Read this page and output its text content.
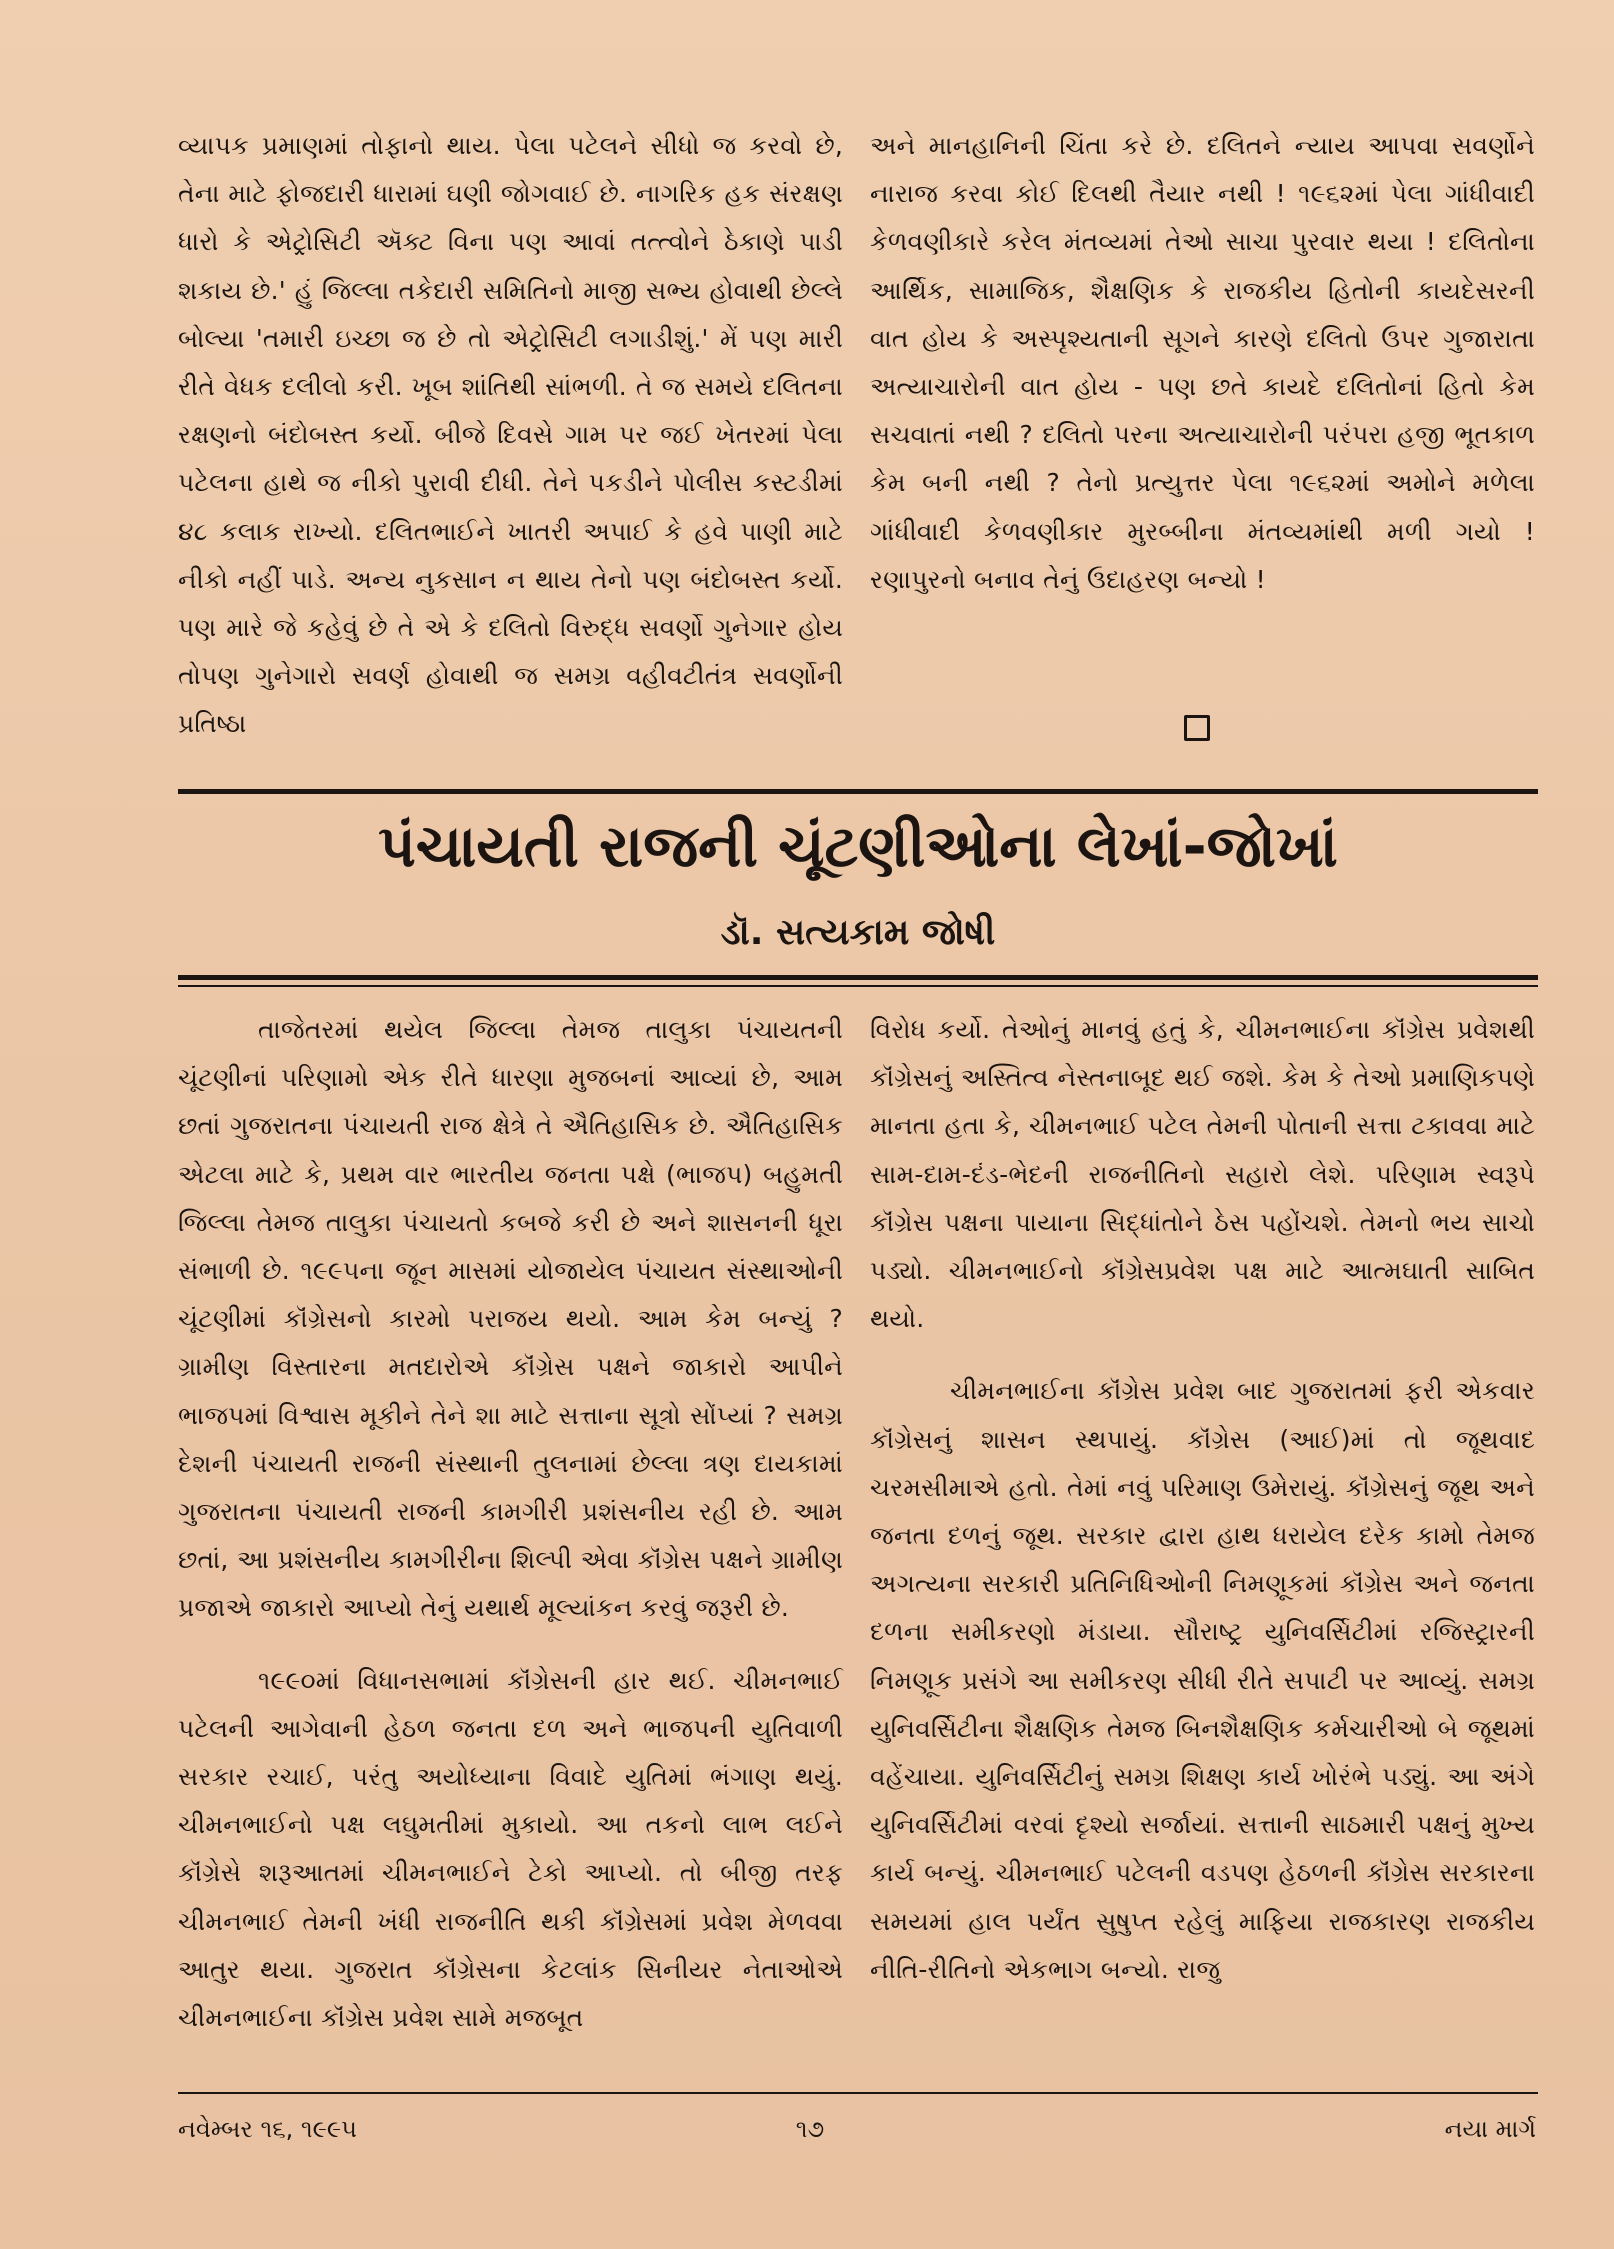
વ્યાપક પ્રમાણમાં તોફાનો થાય. પેલા પટેલને સીધો જ કરવો છે, તેના માટે ફોજદારી ધારામાં ઘણી જોગવાઈ છે. નાગરિક હક સંરક્ષણ ધારો કે એટ્રોસિટી ઍક્ટ વિના પણ આવાં તત્ત્વોને ઠેકાણે પાડી શકાય છે.' હું જિલ્લા તકેદારી સમિતિનો માજી સભ્ય હોવાથી છેલ્લે બોલ્યા 'તમારી ઇચ્છા જ છે તો એટ્રોસિટી લગાડીશું.' મેં પણ મારી રીતે વેધક દલીલો કરી. ખૂબ શાંતિથી સાંભળી. તે જ સમયે દલિતના રક્ષણનો બંદોબસ્ત કર્યો. બીજે દિવસે ગામ પર જઈ ખેતરમાં પેલા પટેલના હાથે જ નીકો પુરાવી દીધી. તેને પકડીને પોલીસ કસ્ટડીમાં ૪૮ કલાક રાખ્યો. દલિતભાઈને ખાતરી અપાઈ કે હવે પાણી માટે નીકો નહીં પાડે. અન્ય નુકસાન ન થાય તેનો પણ બંદોબસ્ત કર્યો. પણ મારે જે કહેવું છે તે એ કે દલિતો વિરુદ્ધ સવર્ણો ગુનેગાર હોય તોપણ ગુનેગારો સવર્ણ હોવાથી જ સમગ્ર વહીવટીતંત્ર સવર્ણોની પ્રતિષ્ઠા

અને માનહાનિની ચિંતા કરે છે. દલિતને ન્યાય આપવા સવર્ણોને નારાજ કરવા કોઈ દિલથી તૈયાર નથી ! ૧૯૬૨માં પેલા ગાંધીવાદી કેળવણીકારે કરેલ મંતવ્યમાં તેઓ સાચા પુરવાર થયા ! દલિતોના આર્થિક, સામાજિક, શૈક્ષણિક કે રાજકીય હિતોની કાયદેસરની વાત હોય કે અસ્પૃશ્યતાની સૂગને કારણે દલિતો ઉપર ગુજારાતા અત્યાચારોની વાત હોય - પણ છતે કાયદે દલિતોનાં હિતો કેમ સચવાતાં નથી ? દલિતો પરના અત્યાચારોની પરંપરા હજી ભૂતકાળ કેમ બની નથી ? તેનો પ્રત્યુત્તર પેલા ૧૯૬૨માં અમોને મળેલા ગાંધીવાદી કેળવણીકાર મુરબ્બીના મંતવ્યમાંથી મળી ગયો ! રણાપુરનો બનાવ તેનું ઉદાહરણ બન્યો !

પંચાયતી રાજની ચૂંટણીઓના લેખાં-જોખાં
ડૉ. સત્યકામ જોષી

તાજેતરમાં થયેલ જિલ્લા તેમજ તાલુકા પંચાયતની ચૂંટણીનાં પરિણામો એક રીતે ધારણા મુજબનાં આવ્યાં છે, આમ છતાં ગુજરાતના પંચાયતી રાજ ક્ષેત્રે તે ઐતિહાસિક છે. ઐતિહાસિક એટલા માટે કે, પ્રથમ વાર ભારતીય જનતા પક્ષે (ભાજપ) બહુમતી જિલ્લા તેમજ તાલુકા પંચાયતો કબજે કરી છે અને શાસનની ધૂરા સંભાળી છે. ૧૯૯૫ના જૂન માસમાં યોજાયેલ પંચાયત સંસ્થાઓની ચૂંટણીમાં કૉંગ્રેસનો કારમો પરાજય થયો. આમ કેમ બન્યું ? ગ્રામીણ વિસ્તારના મતદારોએ કૉંગ્રેસ પક્ષને જાકારો આપીને ભાજપમાં વિશ્વાસ મૂકીને તેને શા માટે સત્તાના સૂત્રો સોંપ્યાં ? સમગ્ર દેશની પંચાયતી રાજની સંસ્થાની તુલનામાં છેલ્લા ત્રણ દાયકામાં ગુજરાતના પંચાયતી રાજની કામગીરી પ્રશંસનીય રહી છે. આમ છતાં, આ પ્રશંસનીય કામગીરીના શિલ્પી એવા કૉંગ્રેસ પક્ષને ગ્રામીણ પ્રજાએ જાકારો આપ્યો તેનું યથાર્થ મૂલ્યાંકન કરવું જરૂરી છે.

૧૯૯૦માં વિધાનસભામાં કૉંગ્રેસની હાર થઈ. ચીમનભાઈ પટેલની આગેવાની હેઠળ જનતા દળ અને ભાજપની યુતિવાળી સરકાર રચાઈ, પરંતુ અયોધ્યાના વિવાદે યુતિમાં ભંગાણ થયું. ચીમનભાઈનો પક્ષ લઘુમતીમાં મુકાયો. આ તકનો લાભ લઈને કૉંગ્રેસે શરૂઆતમાં ચીમનભાઈને ટેકો આપ્યો. તો બીજી તરફ ચીમનભાઈ તેમની ખંધી રાજનીતિ થકી કૉંગ્રેસમાં પ્રવેશ મેળવવા આતુર થયા. ગુજરાત કૉંગ્રેસના કેટલાંક સિનીયર નેતાઓએ ચીમનભાઈના કૉંગ્રેસ પ્રવેશ સામે મજબૂત

વિરોધ કર્યો. તેઓનું માનવું હતું કે, ચીમનભાઈના કૉંગ્રેસ પ્રવેશથી કૉંગ્રેસનું અસ્તિત્વ નેસ્તનાબૂદ થઈ જશે. કેમ કે તેઓ પ્રમાણિકપણે માનતા હતા કે, ચીમનભાઈ પટેલ તેમની પોતાની સત્તા ટકાવવા માટે સામ-દામ-દંડ-ભેદની રાજનીતિનો સહારો લેશે. પરિણામ સ્વરૂપે કૉંગ્રેસ પક્ષના પાયાના સિદ્ધાંતોને ઠેસ પહોંચશે. તેમનો ભય સાચો પડ્યો. ચીમનભાઈનો કૉંગ્રેસપ્રવેશ પક્ષ માટે આત્મઘાતી સાબિત થયો.

ચીમનભાઈના કૉંગ્રેસ પ્રવેશ બાદ ગુજરાતમાં ફરી એકવાર કૉંગ્રેસનું શાસન સ્થપાયું. કૉંગ્રેસ (આઈ)માં તો જૂથવાદ ચરમસીમાએ હતો. તેમાં નવું પરિમાણ ઉમેરાયું. કૉંગ્રેસનું જૂથ અને જનતા દળનું જૂથ. સરકાર દ્વારા હાથ ધરાયેલ દરેક કામો તેમજ અગત્યના સરકારી પ્રતિનિધિઓની નિમણૂકમાં કૉંગ્રેસ અને જનતા દળના સમીકરણો મંડાયા. સૌરાષ્ટ્ર યુનિવર્સિટીમાં રજિસ્ટ્રારની નિમણૂક પ્રસંગે આ સમીકરણ સીધી રીતે સપાટી પર આવ્યું. સમગ્ર યુનિવર્સિટીના શૈક્ષણિક તેમજ બિનશૈક્ષણિક કર્મચારીઓ બે જૂથમાં વહેંચાયા. યુનિવર્સિટીનું સમગ્ર શિક્ષણ કાર્ય ખોરંભે પડ્યું. આ અંગે યુનિવર્સિટીમાં વરવાં દૃશ્યો સર્જાયાં. સત્તાની સાઠમારી પક્ષનું મુખ્ય કાર્ય બન્યું. ચીમનભાઈ પટેલની વડપણ હેઠળની કૉંગ્રેસ સરકારના સમયમાં હાલ પર્યંત સુષુપ્ત રહેલું માફિયા રાજકારણ રાજકીય નીતિ-રીતિનો એકભાગ બન્યો. રાજુ

નવેમ્બર ૧૬, ૧૯૯૫	૧૭	નયા માર્ગ
